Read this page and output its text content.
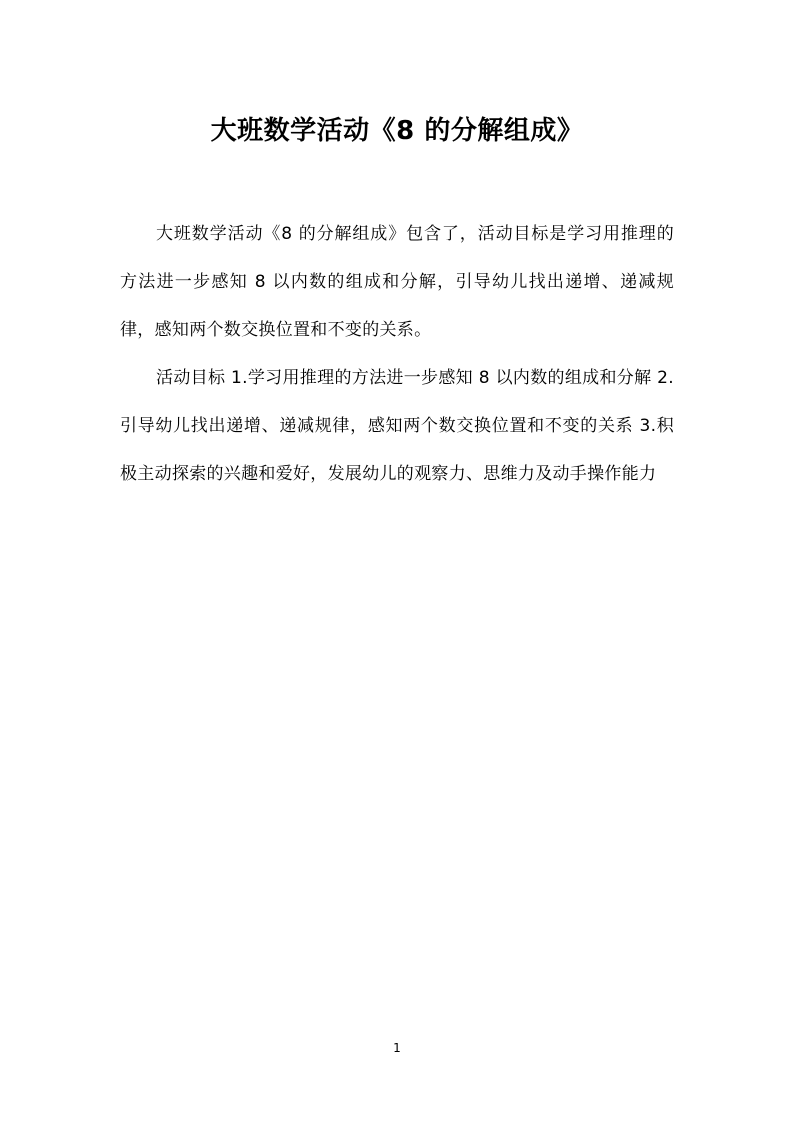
大班数学活动《8 的分解组成》

大班数学活动《8 的分解组成》包含了，活动目标是学习用推理的方法进一步感知 8 以内数的组成和分解，引导幼儿找出递增、递减规律，感知两个数交换位置和不变的关系。

活动目标 1.学习用推理的方法进一步感知 8 以内数的组成和分解 2.引导幼儿找出递增、递减规律，感知两个数交换位置和不变的关系 3.积极主动探索的兴趣和爱好，发展幼儿的观察力、思维力及动手操作能力

1
